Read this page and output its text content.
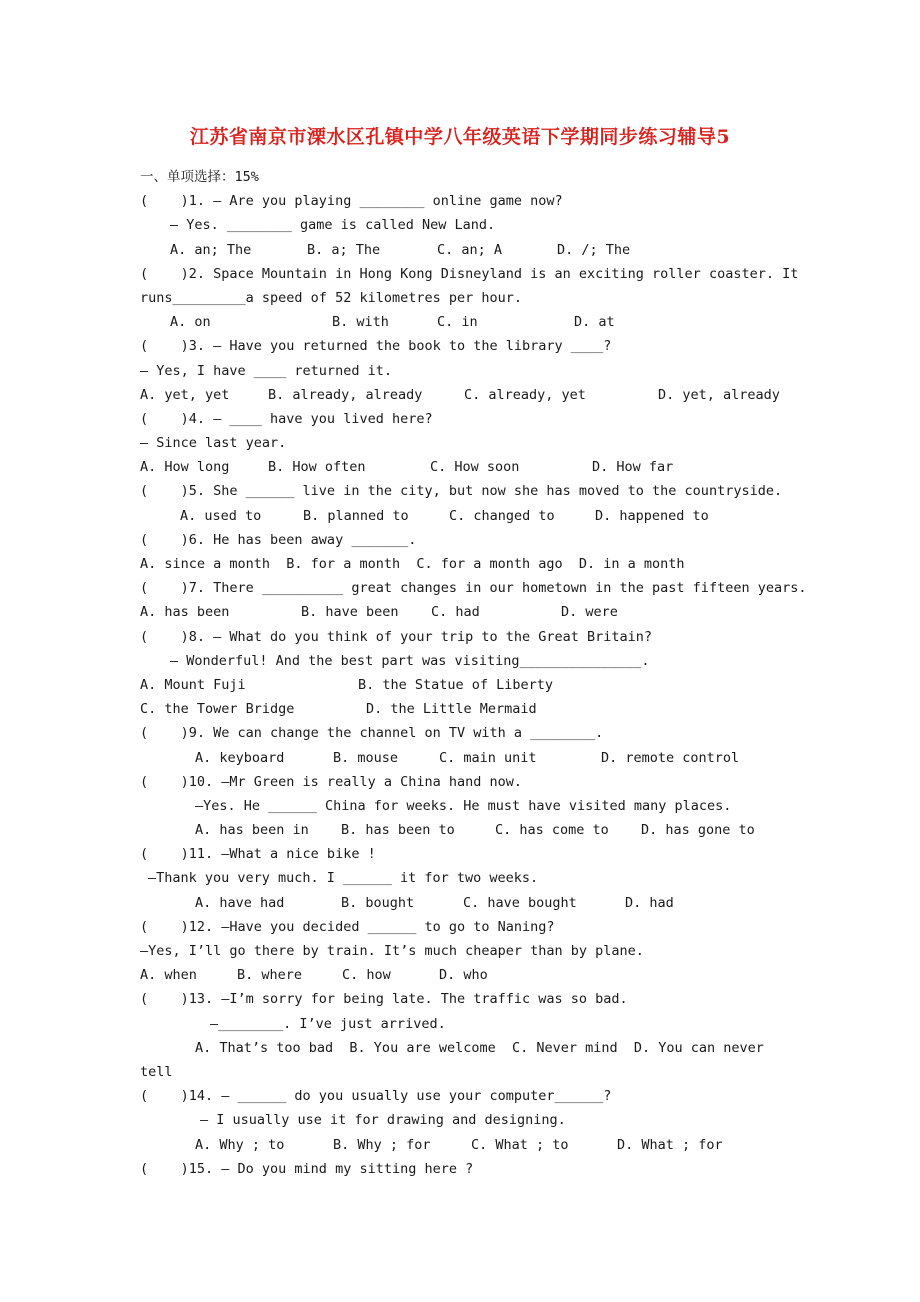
江苏省南京市溧水区孔镇中学八年级英语下学期同步练习辅导5
一、单项选择：15%
(    )1. — Are you playing ________ online game now?
— Yes. ________ game is called New Land.
A. an; The	B. a; The	C. an; A	D. /; The
(    )2. Space Mountain in Hong Kong Disneyland is an exciting roller coaster. It
runs_________a speed of 52 kilometres per hour.
A. on	B. with	C. in	D. at
(    )3. — Have you returned the book to the library ____?
— Yes, I have ____ returned it.
A. yet, yet	B. already, already	C. already, yet	D. yet, already
(    )4. — ____ have you lived here?
— Since last year.
A. How long	B. How often	C. How soon	D. How far
(    )5. She ______ live in the city, but now she has moved to the countryside.
A. used to	B. planned to	C. changed to	D. happened to
(    )6. He has been away _______.
A. since a month  B. for a month  C. for a month ago  D. in a month
(    )7. There __________ great changes in our hometown in the past fifteen years.
A. has been	B. have been	C. had	D. were
(    )8. — What do you think of your trip to the Great Britain?
— Wonderful! And the best part was visiting_______________.
A. Mount Fuji	B. the Statue of Liberty
C. the Tower Bridge	D. the Little Mermaid
(    )9. We can change the channel on TV with a ________.
A. keyboard	B. mouse	C. main unit	D. remote control
(    )10. —Mr Green is really a China hand now.
—Yes. He ______ China for weeks. He must have visited many places.
A. has been in	B. has been to	C. has come to	D. has gone to
(    )11. —What a nice bike !
—Thank you very much. I ______ it for two weeks.
A. have had	B. bought	C. have bought	D. had
(    )12. —Have you decided ______ to go to Naning?
—Yes, I’ll go there by train. It’s much cheaper than by plane.
A. when	B. where	C. how	D. who
(    )13. —I’m sorry for being late. The traffic was so bad.
—________. I’ve just arrived.
A. That’s too bad  B. You are welcome  C. Never mind  D. You can never
tell
(    )14. — ______ do you usually use your computer______?
— I usually use it for drawing and designing.
A. Why ; to	B. Why ; for	C. What ; to	D. What ; for
(    )15. — Do you mind my sitting here ?
